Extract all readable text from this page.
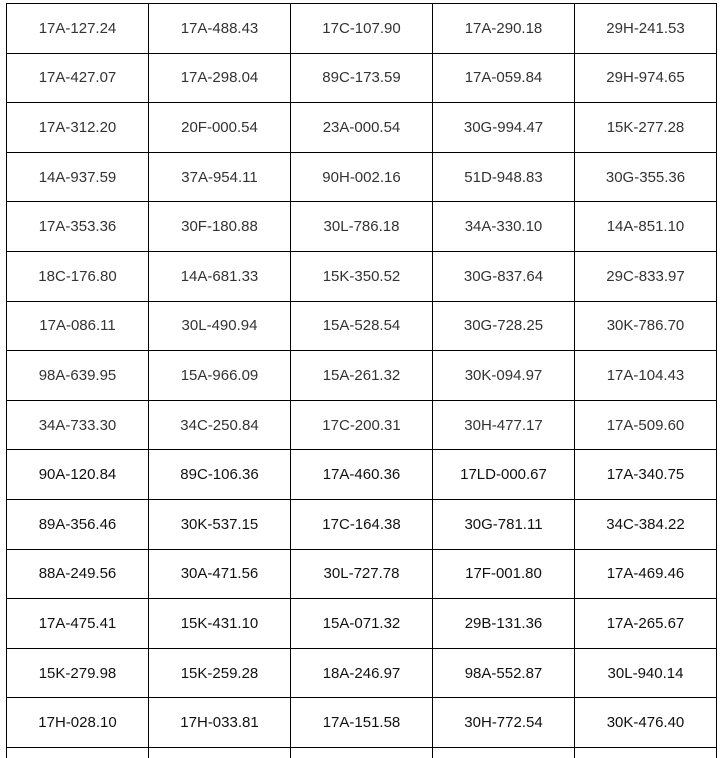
17A-127.24	17A-488.43	17C-107.90	17A-290.18	29H-241.53
17A-427.07	17A-298.04	89C-173.59	17A-059.84	29H-974.65
17A-312.20	20F-000.54	23A-000.54	30G-994.47	15K-277.28
14A-937.59	37A-954.11	90H-002.16	51D-948.83	30G-355.36
17A-353.36	30F-180.88	30L-786.18	34A-330.10	14A-851.10
18C-176.80	14A-681.33	15K-350.52	30G-837.64	29C-833.97
17A-086.11	30L-490.94	15A-528.54	30G-728.25	30K-786.70
98A-639.95	15A-966.09	15A-261.32	30K-094.97	17A-104.43
34A-733.30	34C-250.84	17C-200.31	30H-477.17	17A-509.60
90A-120.84	89C-106.36	17A-460.36	17LD-000.67	17A-340.75
89A-356.46	30K-537.15	17C-164.38	30G-781.11	34C-384.22
88A-249.56	30A-471.56	30L-727.78	17F-001.80	17A-469.46
17A-475.41	15K-431.10	15A-071.32	29B-131.36	17A-265.67
15K-279.98	15K-259.28	18A-246.97	98A-552.87	30L-940.14
17H-028.10	17H-033.81	17A-151.58	30H-772.54	30K-476.40
